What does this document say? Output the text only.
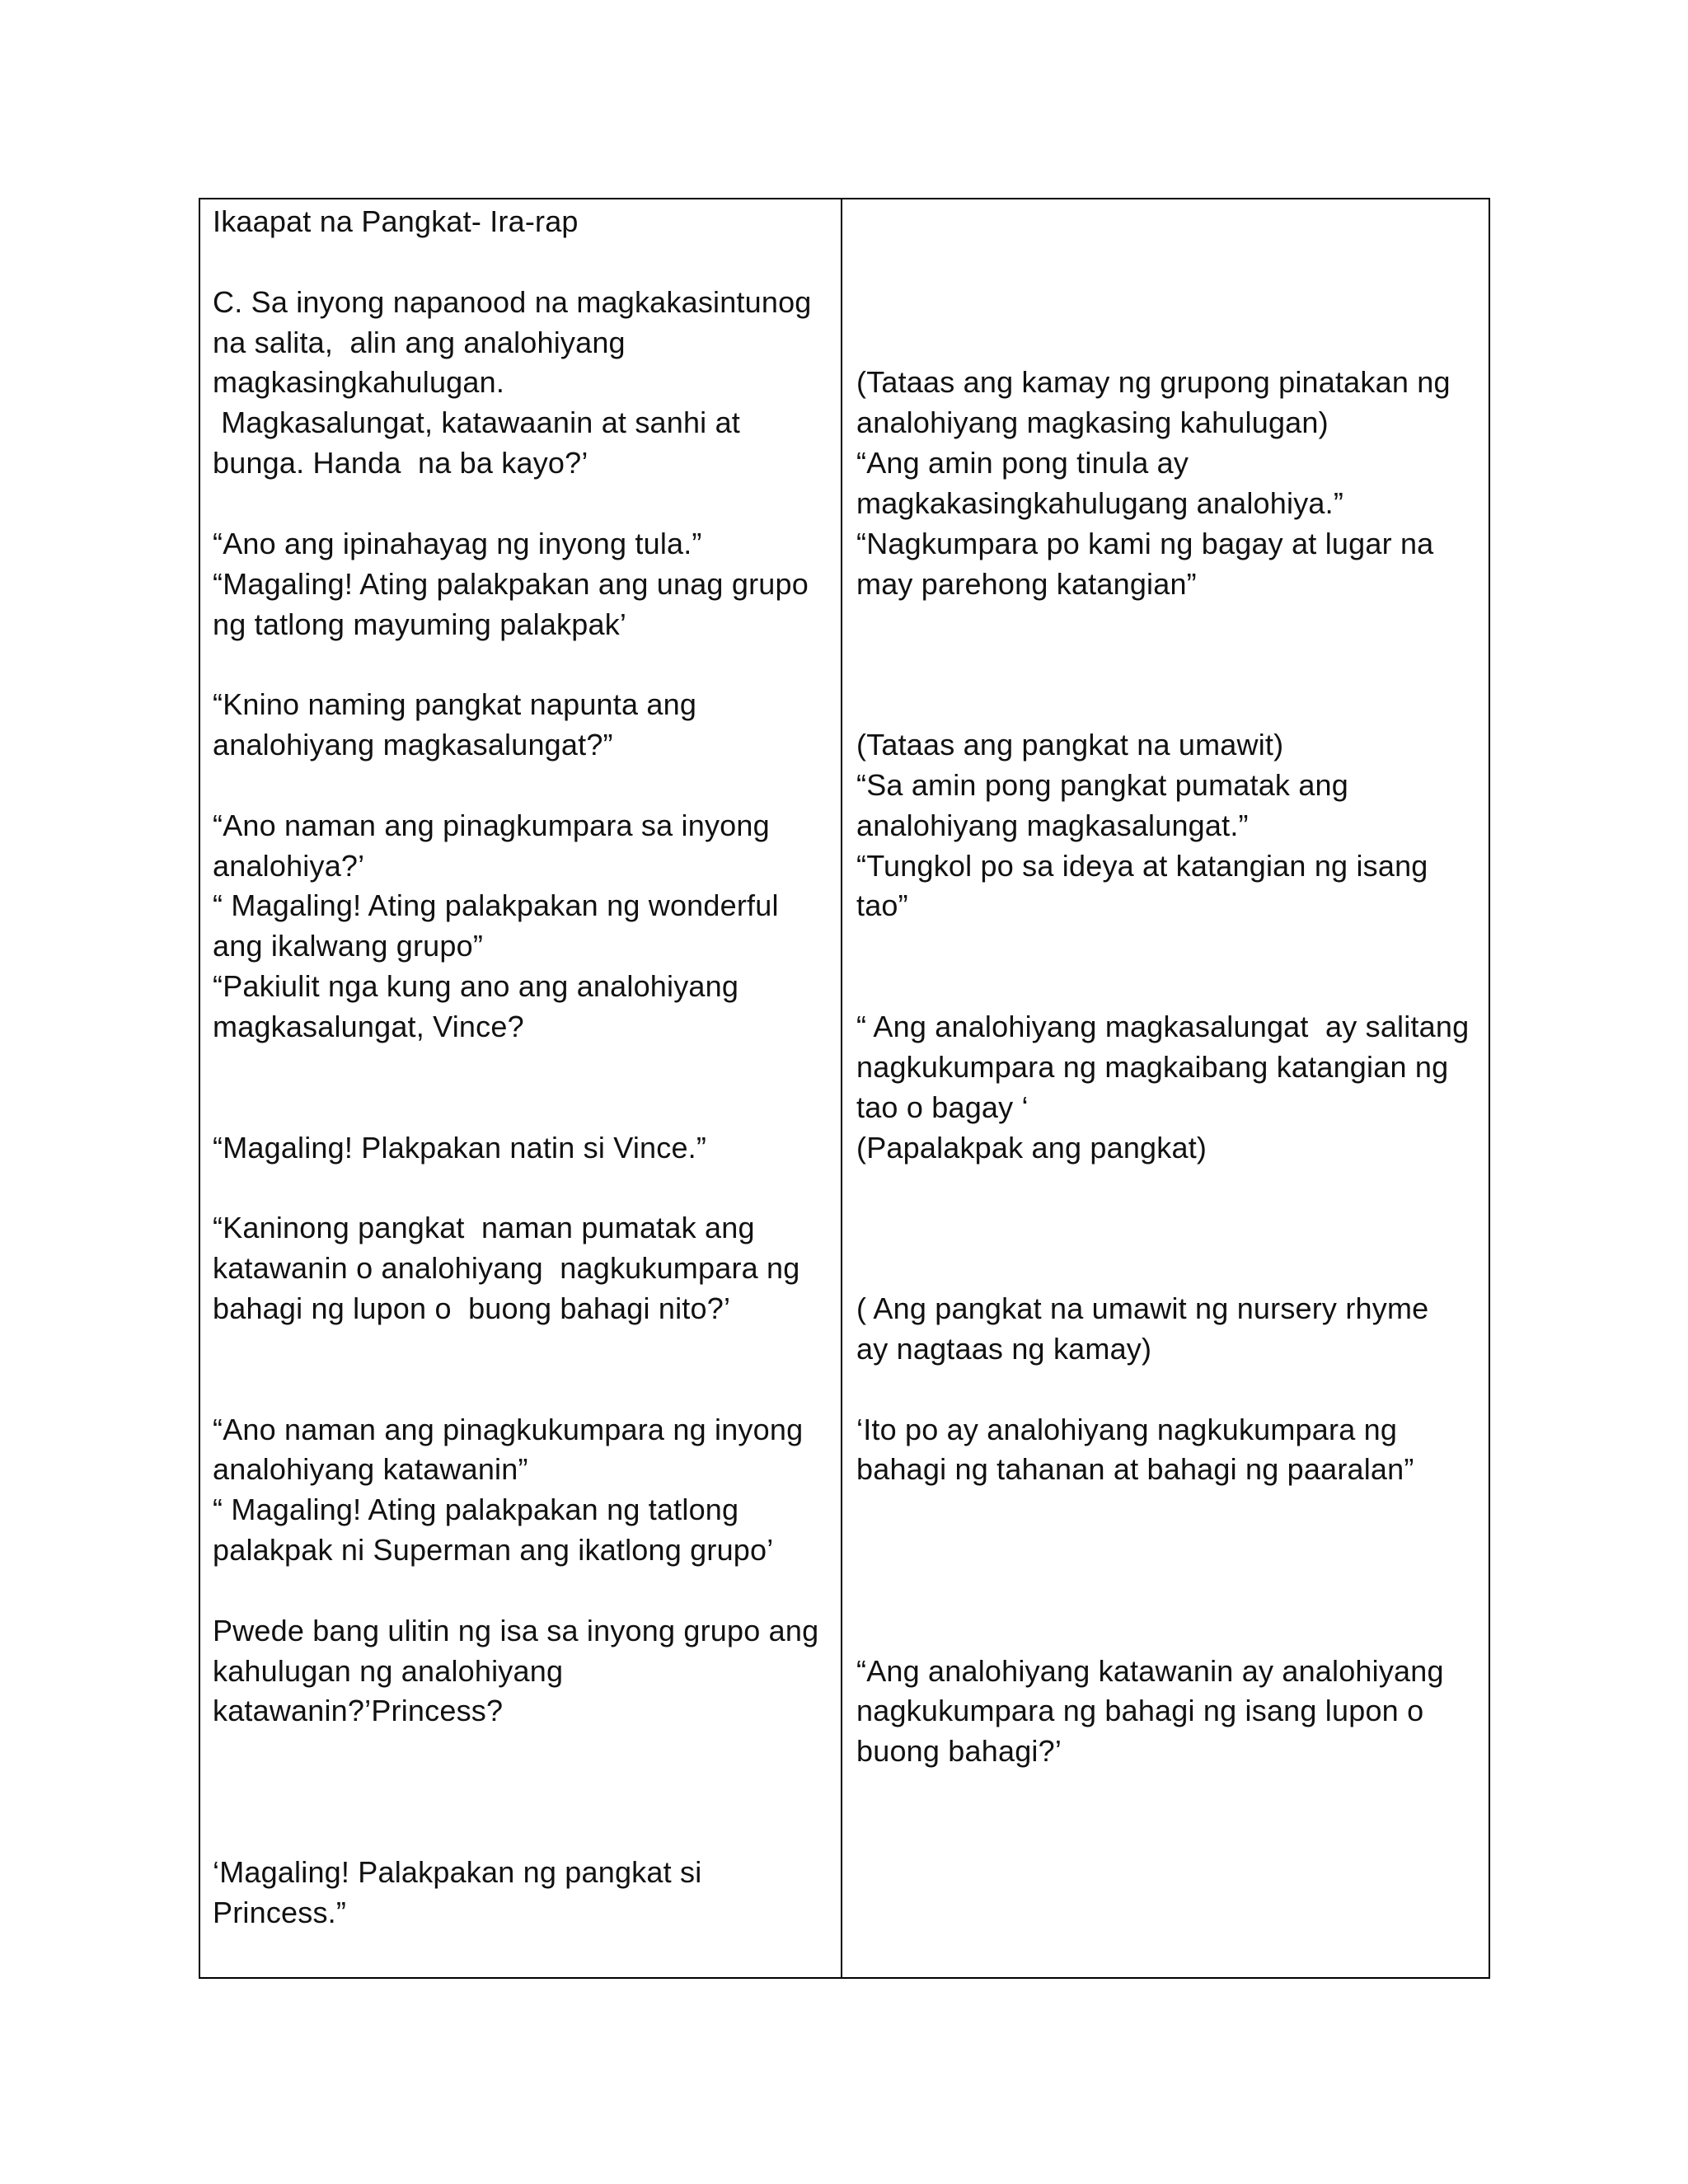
Ikaapat na Pangkat- Ira-rap
C. Sa inyong napanood na magkakasintunog
na salita,  alin ang analohiyang
magkasingkahulugan.
Magkasalungat, katawaanin at sanhi at
bunga. Handa  na ba kayo?’
“Ano ang ipinahayag ng inyong tula.”
“Magaling! Ating palakpakan ang unag grupo
ng tatlong mayuming palakpak’
“Knino naming pangkat napunta ang
analohiyang magkasalungat?”
“Ano naman ang pinagkumpara sa inyong
analohiya?’
“ Magaling! Ating palakpakan ng wonderful
ang ikalwang grupo”
“Pakiulit nga kung ano ang analohiyang
magkasalungat, Vince?
“Magaling! Plakpakan natin si Vince.”
“Kaninong pangkat  naman pumatak ang
katawanin o analohiyang  nagkukumpara ng
bahagi ng lupon o  buong bahagi nito?’
“Ano naman ang pinagkukumpara ng inyong
analohiyang katawanin”
“ Magaling! Ating palakpakan ng tatlong
palakpak ni Superman ang ikatlong grupo’
Pwede bang ulitin ng isa sa inyong grupo ang
kahulugan ng analohiyang
katawanin?’Princess?
‘Magaling! Palakpakan ng pangkat si
Princess.”
(Tataas ang kamay ng grupong pinatakan ng
analohiyang magkasing kahulugan)
“Ang amin pong tinula ay
magkakasingkahulugang analohiya.”
“Nagkumpara po kami ng bagay at lugar na
may parehong katangian”
(Tataas ang pangkat na umawit)
“Sa amin pong pangkat pumatak ang
analohiyang magkasalungat.”
“Tungkol po sa ideya at katangian ng isang
tao”
“ Ang analohiyang magkasalungat  ay salitang
nagkukumpara ng magkaibang katangian ng
tao o bagay ‘
(Papalakpak ang pangkat)
( Ang pangkat na umawit ng nursery rhyme
ay nagtaas ng kamay)
‘Ito po ay analohiyang nagkukumpara ng
bahagi ng tahanan at bahagi ng paaralan”
“Ang analohiyang katawanin ay analohiyang
nagkukumpara ng bahagi ng isang lupon o
buong bahagi?’
